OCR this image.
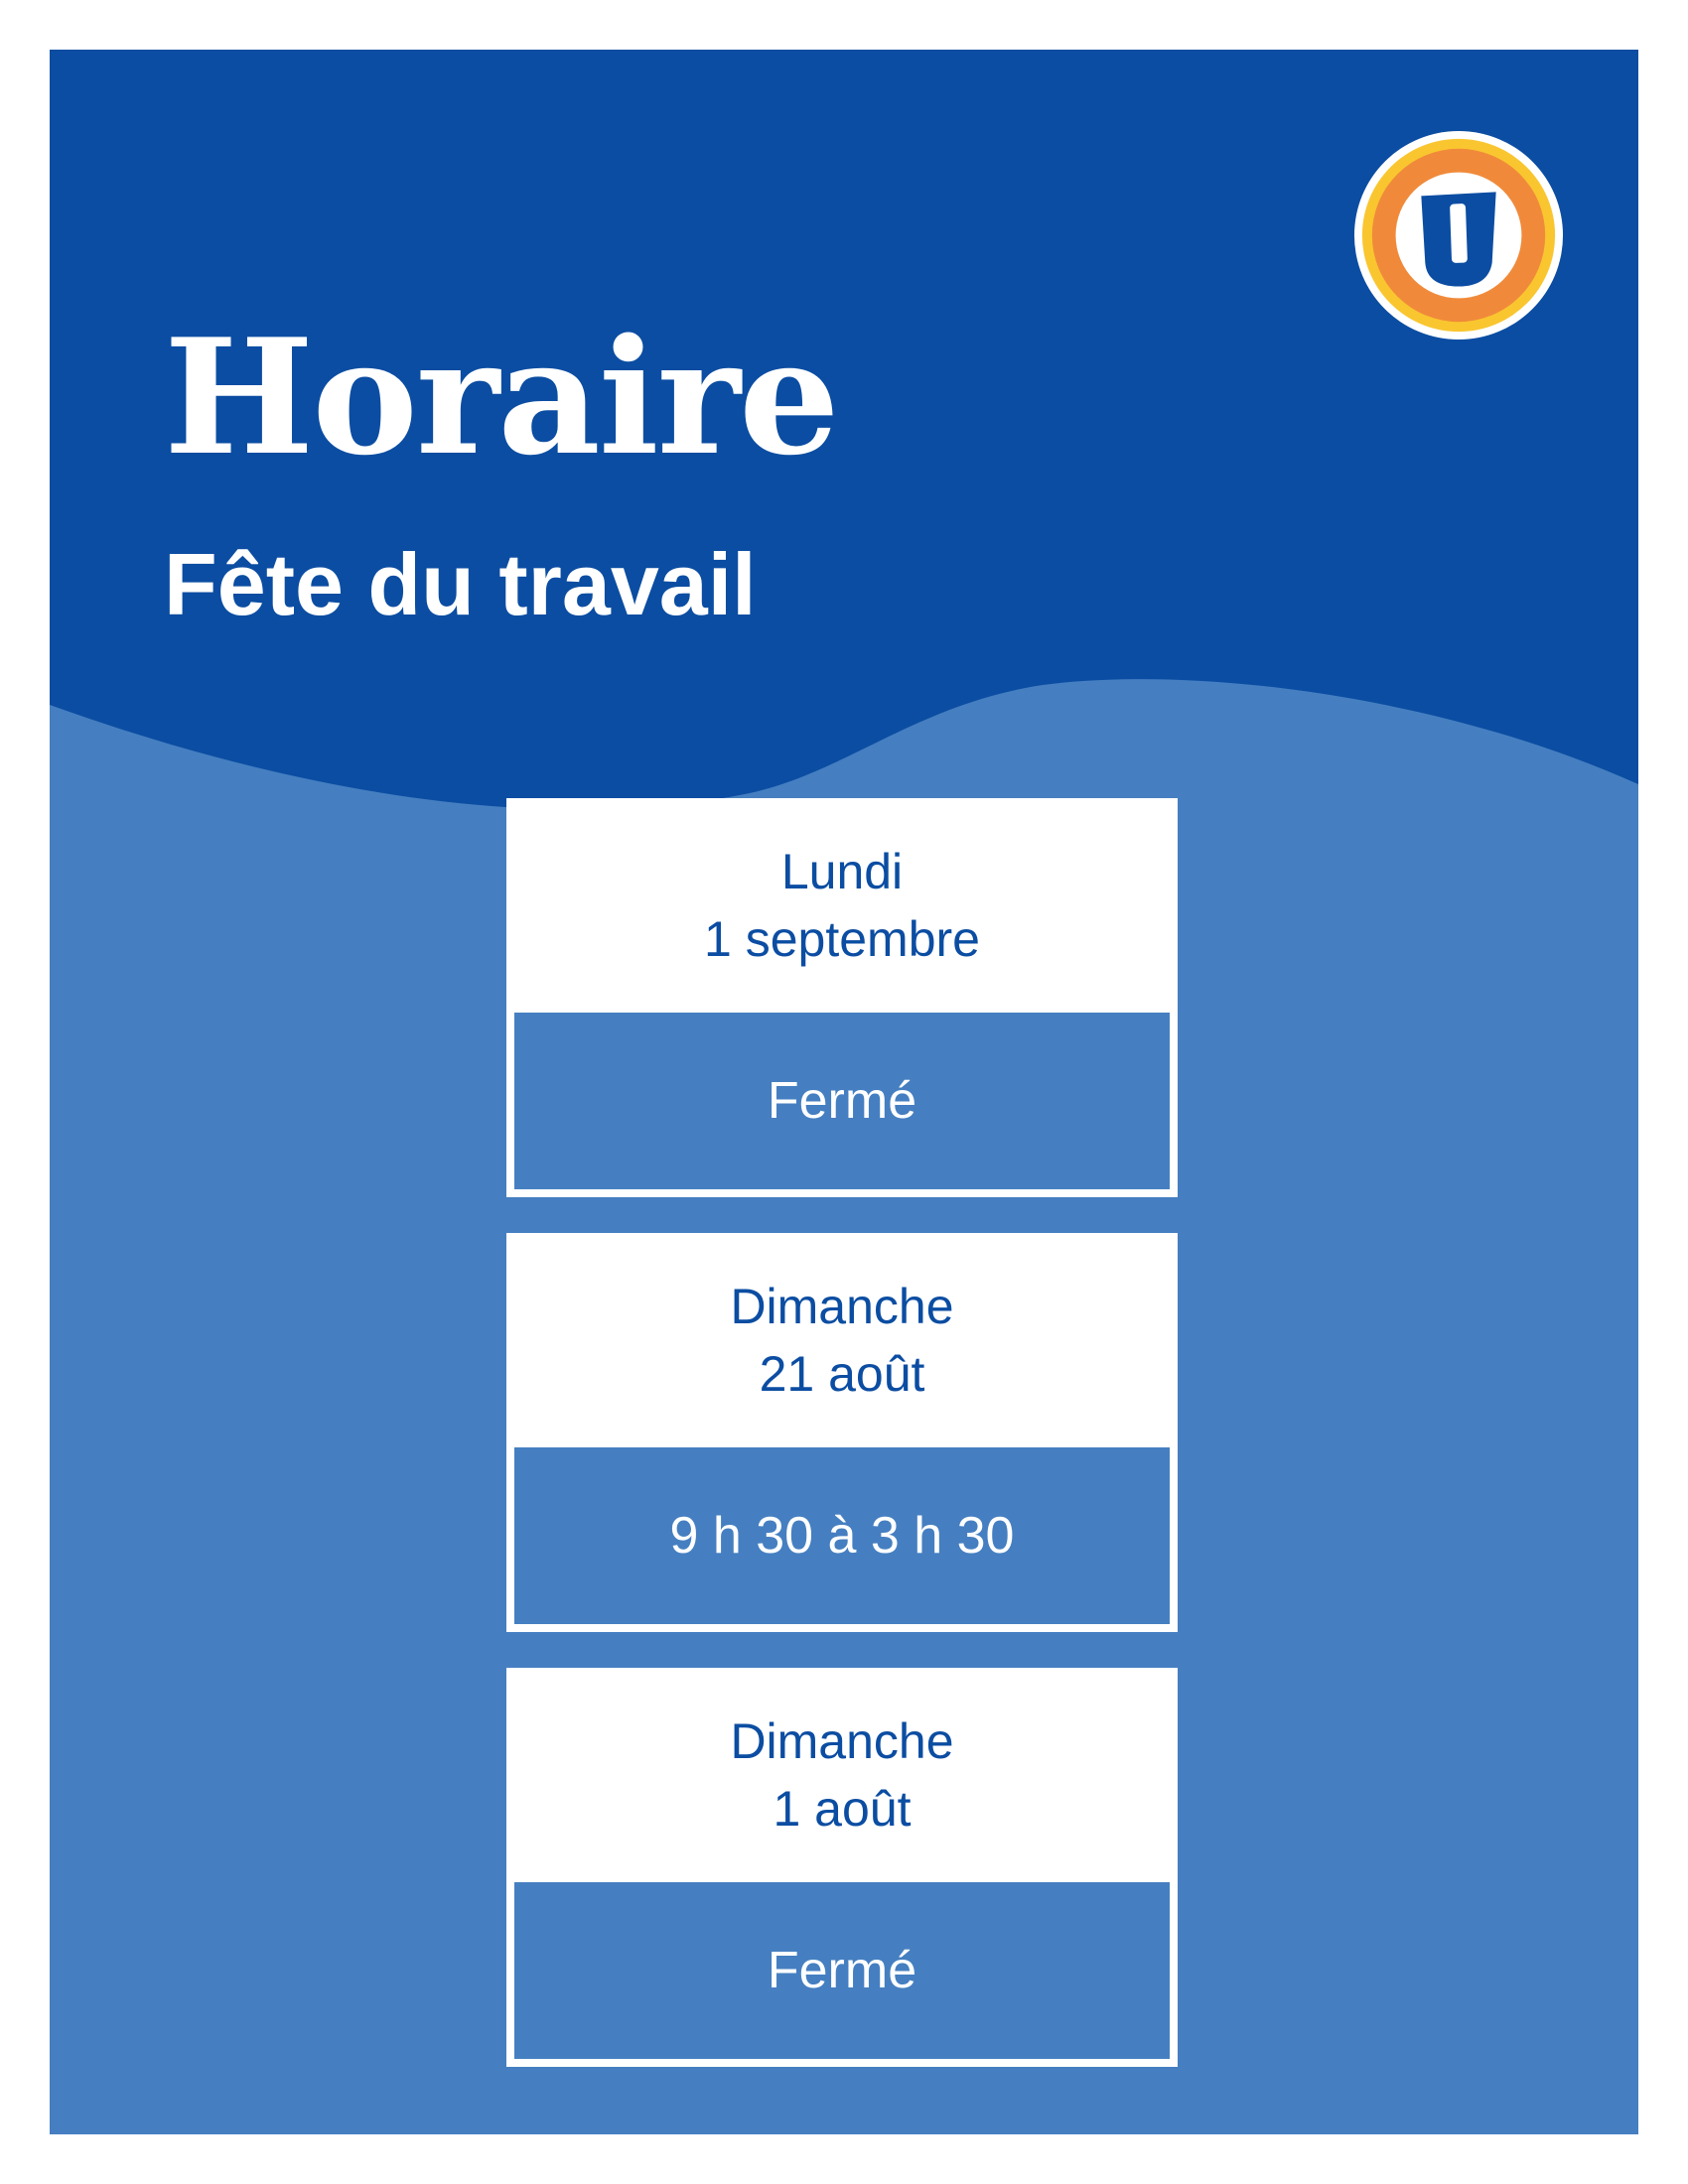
Horaire
Fête du travail
Lundi
1 septembre
Fermé
Dimanche
21 août
9 h 30 à 3 h 30
Dimanche
1 août
Fermé
